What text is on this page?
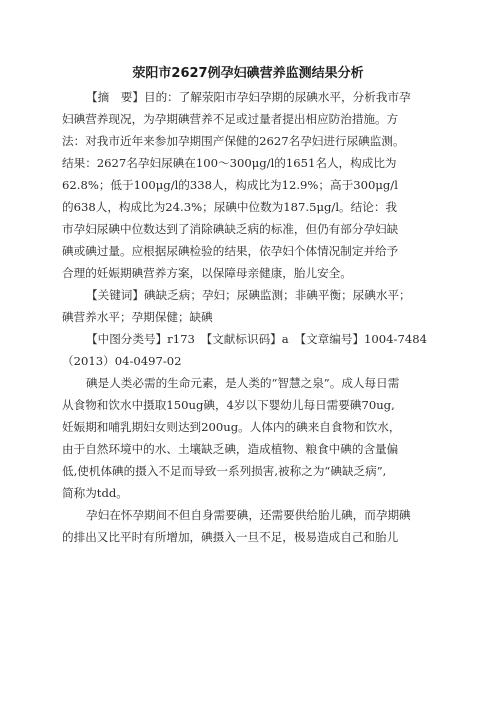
荥阳市2627例孕妇碘营养监测结果分析
【摘　要】目的：了解荥阳市孕妇孕期的尿碘水平，分析我市孕
妇碘营养现况，为孕期碘营养不足或过量者提出相应防治措施。方
法：对我市近年来参加孕期围产保健的2627名孕妇进行尿碘监测。
结果：2627名孕妇尿碘在100～300μg/l的1651名人，构成比为
62.8%；低于100μg/l的338人，构成比为12.9%；高于300μg/l
的638人，构成比为24.3%；尿碘中位数为187.5μg/l。结论：我
市孕妇尿碘中位数达到了消除碘缺乏病的标准，但仍有部分孕妇缺
碘或碘过量。应根据尿碘检验的结果，依孕妇个体情况制定并给予
合理的妊娠期碘营养方案，以保障母亲健康，胎儿安全。
【关键词】碘缺乏病；孕妇；尿碘监测；非碘平衡；尿碘水平；
碘营养水平；孕期保健；缺碘
【中图分类号】r173　【文献标识码】a　【文章编号】1004-7484
（2013）04-0497-02
碘是人类必需的生命元素，是人类的“智慧之泉”。成人每日需
从食物和饮水中摄取150ug碘，4岁以下婴幼儿每日需要碘70ug,
妊娠期和哺乳期妇女则达到200ug。人体内的碘来自食物和饮水，
由于自然环境中的水、土壤缺乏碘，造成植物、粮食中碘的含量偏
低,使机体碘的摄入不足而导致一系列损害,被称之为“碘缺乏病”,
简称为tdd。
孕妇在怀孕期间不但自身需要碘，还需要供给胎儿碘，而孕期碘
的排出又比平时有所增加，碘摄入一旦不足，极易造成自己和胎儿
